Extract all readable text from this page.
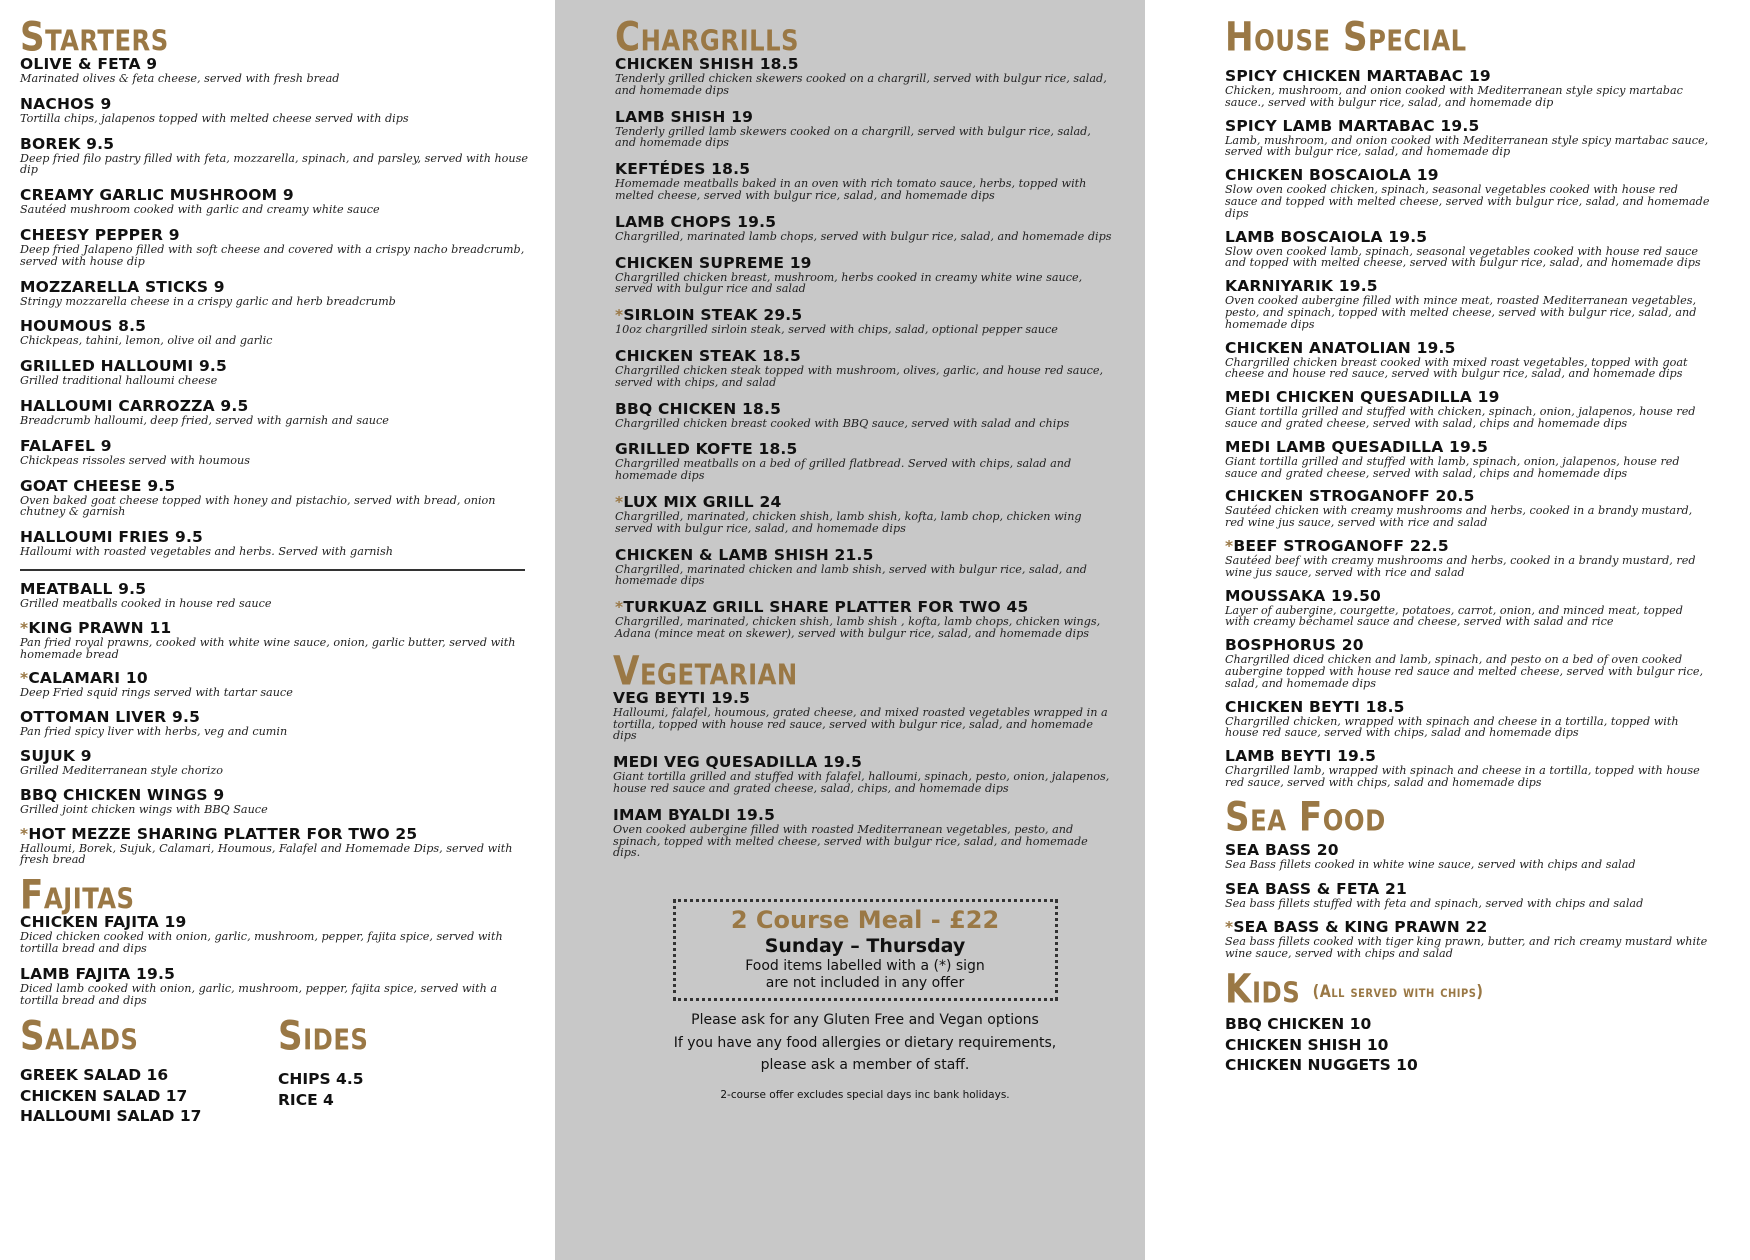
Starters
OLIVE & FETA 9
Marinated olives & feta cheese, served with fresh bread
NACHOS 9
Tortilla chips, jalapenos topped with melted cheese served with dips
BOREK 9.5
Deep fried filo pastry filled with feta, mozzarella, spinach, and parsley, served with house dip
CREAMY GARLIC MUSHROOM 9
Sautéed mushroom cooked with garlic and creamy white sauce
CHEESY PEPPER 9
Deep fried Jalapeno filled with soft cheese and covered with a crispy nacho breadcrumb, served with house dip
MOZZARELLA STICKS 9
Stringy mozzarella cheese in a crispy garlic and herb breadcrumb
HOUMOUS 8.5
Chickpeas, tahini, lemon, olive oil and garlic
GRILLED HALLOUMI 9.5
Grilled traditional halloumi cheese
HALLOUMI CARROZZA 9.5
Breadcrumb halloumi, deep fried, served with garnish and sauce
FALAFEL 9
Chickpeas rissoles served with houmous
GOAT CHEESE 9.5
Oven baked goat cheese topped with honey and pistachio, served with bread, onion chutney & garnish
HALLOUMI FRIES 9.5
Halloumi with roasted vegetables and herbs. Served with garnish
MEATBALL 9.5
Grilled meatballs cooked in house red sauce
*KING PRAWN 11
Pan fried royal prawns, cooked with white wine sauce, onion, garlic butter, served with homemade bread
*CALAMARI 10
Deep Fried squid rings served with tartar sauce
OTTOMAN LIVER 9.5
Pan fried spicy liver with herbs, veg and cumin
SUJUK 9
Grilled Mediterranean style chorizo
BBQ CHICKEN WINGS 9
Grilled joint chicken wings with BBQ Sauce
*HOT MEZZE SHARING PLATTER FOR TWO 25
Halloumi, Borek, Sujuk, Calamari, Houmous, Falafel and Homemade Dips, served with fresh bread
Fajitas
CHICKEN FAJITA 19
Diced chicken cooked with onion, garlic, mushroom, pepper, fajita spice, served with tortilla bread and dips
LAMB FAJITA 19.5
Diced lamb cooked with onion, garlic, mushroom, pepper, fajita spice, served with a tortilla bread and dips
Salads
GREEK SALAD 16
CHICKEN SALAD 17
HALLOUMI SALAD 17
Sides
CHIPS 4.5
RICE 4
Chargrills
CHICKEN SHISH 18.5
Tenderly grilled chicken skewers cooked on a chargrill, served with bulgur rice, salad, and homemade dips
LAMB SHISH 19
Tenderly grilled lamb skewers cooked on a chargrill, served with bulgur rice, salad, and homemade dips
KEFTÉDES 18.5
Homemade meatballs baked in an oven with rich tomato sauce, herbs, topped with melted cheese, served with bulgur rice, salad, and homemade dips
LAMB CHOPS 19.5
Chargrilled, marinated lamb chops, served with bulgur rice, salad, and homemade dips
CHICKEN SUPREME 19
Chargrilled chicken breast, mushroom, herbs cooked in creamy white wine sauce, served with bulgur rice and salad
*SIRLOIN STEAK 29.5
10oz chargrilled sirloin steak, served with chips, salad, optional pepper sauce
CHICKEN STEAK 18.5
Chargrilled chicken steak topped with mushroom, olives, garlic, and house red sauce, served with chips, and salad
BBQ CHICKEN 18.5
Chargrilled chicken breast cooked with BBQ sauce, served with salad and chips
GRILLED KOFTE 18.5
Chargrilled meatballs on a bed of grilled flatbread. Served with chips, salad and homemade dips
*LUX MIX GRILL 24
Chargrilled, marinated, chicken shish, lamb shish, kofta, lamb chop, chicken wing served with bulgur rice, salad, and homemade dips
CHICKEN & LAMB SHISH 21.5
Chargrilled, marinated chicken and lamb shish, served with bulgur rice, salad, and homemade dips
*TURKUAZ GRILL SHARE PLATTER FOR TWO 45
Chargrilled, marinated, chicken shish, lamb shish , kofta, lamb chops, chicken wings, Adana (mince meat on skewer), served with bulgur rice, salad, and homemade dips
Vegetarian
VEG BEYTI 19.5
Halloumi, falafel, houmous, grated cheese, and mixed roasted vegetables wrapped in a tortilla, topped with house red sauce, served with bulgur rice, salad, and homemade dips
MEDI VEG QUESADILLA 19.5
Giant tortilla grilled and stuffed with falafel, halloumi, spinach, pesto, onion, jalapenos, house red sauce and grated cheese, salad, chips, and homemade dips
IMAM BYALDI 19.5
Oven cooked aubergine filled with roasted Mediterranean vegetables, pesto, and spinach, topped with melted cheese, served with bulgur rice, salad, and homemade dips.
2 Course Meal - £22
Sunday – Thursday
Food items labelled with a (*) sign
are not included in any offer
Please ask for any Gluten Free and Vegan options
If you have any food allergies or dietary requirements,
please ask a member of staff.
2-course offer excludes special days inc bank holidays.
House Special
SPICY CHICKEN MARTABAC 19
Chicken, mushroom, and onion cooked with Mediterranean style spicy martabac sauce., served with bulgur rice, salad, and homemade dip
SPICY LAMB MARTABAC 19.5
Lamb, mushroom, and onion cooked with Mediterranean style spicy martabac sauce, served with bulgur rice, salad, and homemade dip
CHICKEN BOSCAIOLA 19
Slow oven cooked chicken, spinach, seasonal vegetables cooked with house red sauce and topped with melted cheese, served with bulgur rice, salad, and homemade dips
LAMB BOSCAIOLA 19.5
Slow oven cooked lamb, spinach, seasonal vegetables cooked with house red sauce and topped with melted cheese, served with bulgur rice, salad, and homemade dips
KARNIYARIK 19.5
Oven cooked aubergine filled with mince meat, roasted Mediterranean vegetables, pesto, and spinach, topped with melted cheese, served with bulgur rice, salad, and homemade dips
CHICKEN ANATOLIAN 19.5
Chargrilled chicken breast cooked with mixed roast vegetables, topped with goat cheese and house red sauce, served with bulgur rice, salad, and homemade dips
MEDI CHICKEN QUESADILLA 19
Giant tortilla grilled and stuffed with chicken, spinach, onion, jalapenos, house red sauce and grated cheese, served with salad, chips and homemade dips
MEDI LAMB QUESADILLA 19.5
Giant tortilla grilled and stuffed with lamb, spinach, onion, jalapenos, house red sauce and grated cheese, served with salad, chips and homemade dips
CHICKEN STROGANOFF 20.5
Sautéed chicken with creamy mushrooms and herbs, cooked in a brandy mustard, red wine jus sauce, served with rice and salad
*BEEF STROGANOFF 22.5
Sautéed beef with creamy mushrooms and herbs, cooked in a brandy mustard, red wine jus sauce, served with rice and salad
MOUSSAKA 19.50
Layer of aubergine, courgette, potatoes, carrot, onion, and minced meat, topped with creamy béchamel sauce and cheese, served with salad and rice
BOSPHORUS 20
Chargrilled diced chicken and lamb, spinach, and pesto on a bed of oven cooked aubergine topped with house red sauce and melted cheese, served with bulgur rice, salad, and homemade dips
CHICKEN BEYTI 18.5
Chargrilled chicken, wrapped with spinach and cheese in a tortilla, topped with house red sauce, served with chips, salad and homemade dips
LAMB BEYTI 19.5
Chargrilled lamb, wrapped with spinach and cheese in a tortilla, topped with house red sauce, served with chips, salad and homemade dips
Sea Food
SEA BASS 20
Sea Bass fillets cooked in white wine sauce, served with chips and salad
SEA BASS & FETA 21
Sea bass fillets stuffed with feta and spinach, served with chips and salad
*SEA BASS & KING PRAWN 22
Sea bass fillets cooked with tiger king prawn, butter, and rich creamy mustard white wine sauce, served with chips and salad
Kids (All served with chips)
BBQ CHICKEN 10
CHICKEN SHISH 10
CHICKEN NUGGETS 10
